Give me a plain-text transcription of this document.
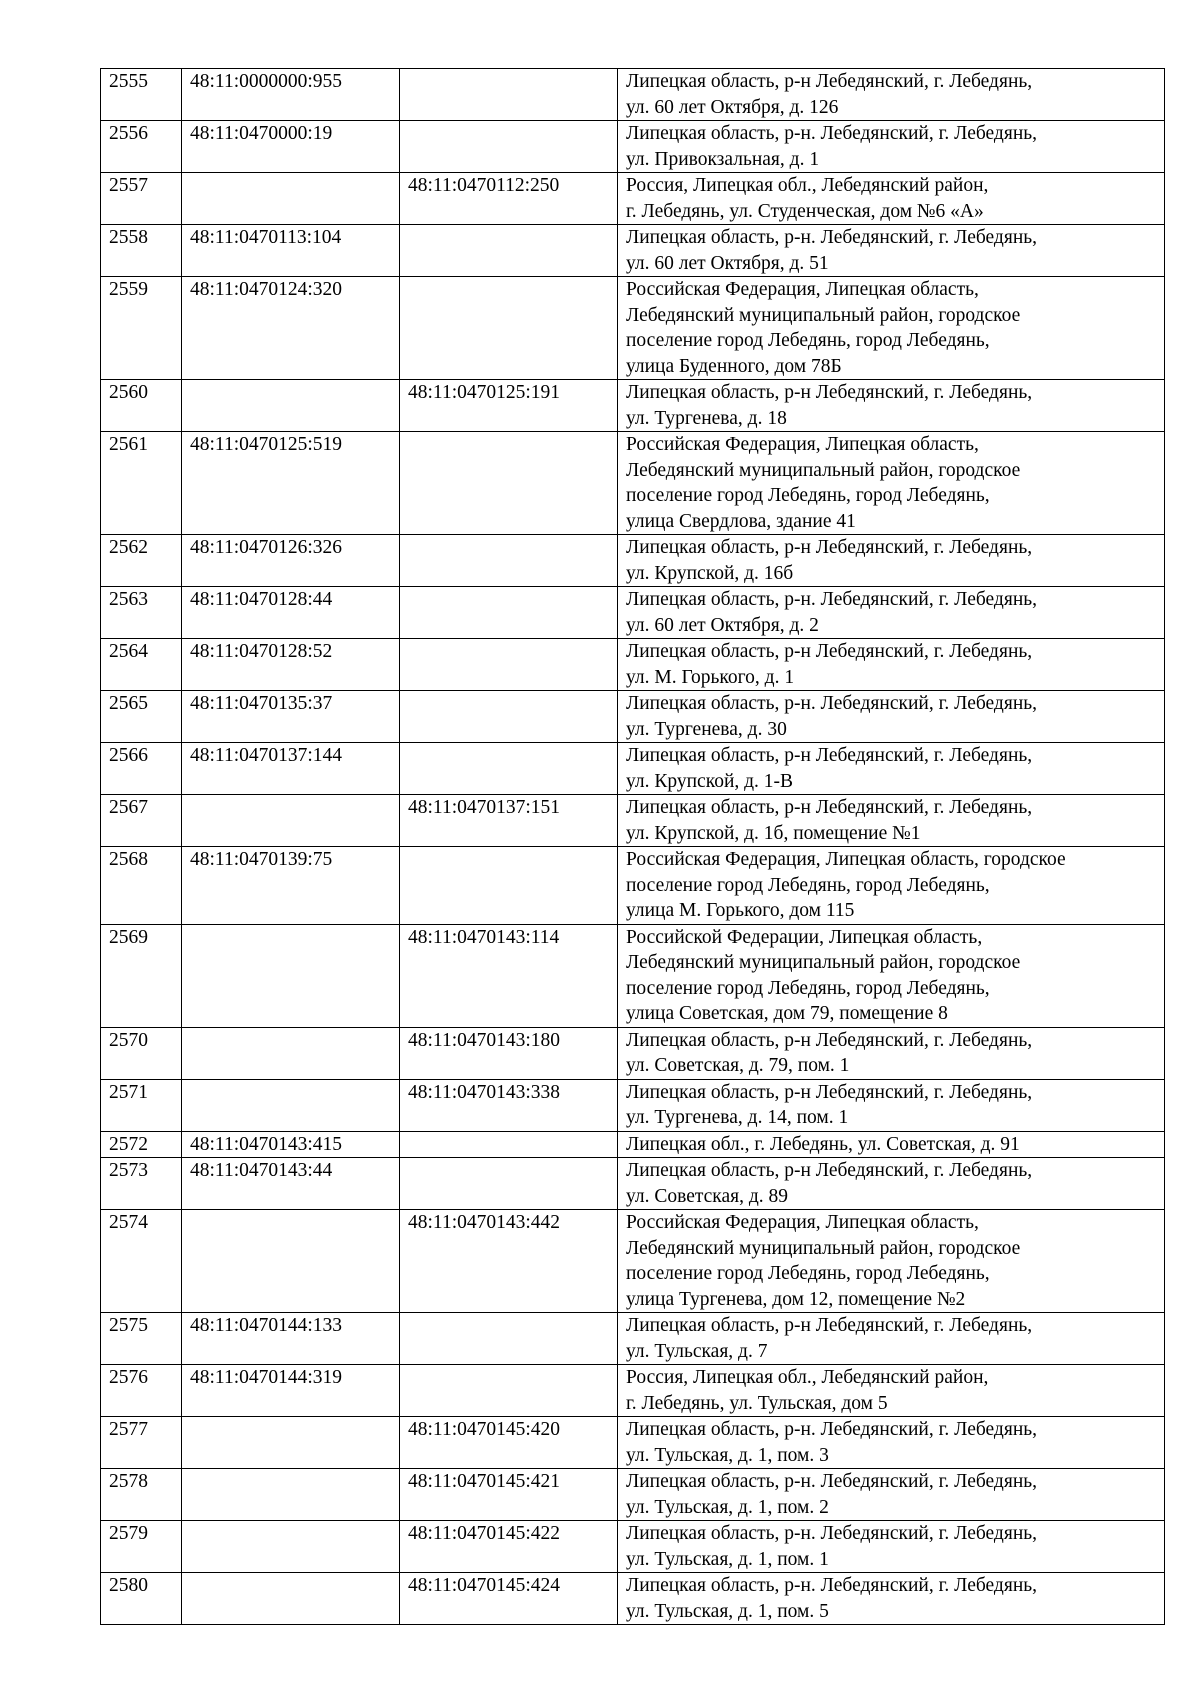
2555	48:11:0000000:955		Липецкая область, р-н Лебедянский, г. Лебедянь,
ул. 60 лет Октября, д. 126
2556	48:11:0470000:19		Липецкая область, р-н. Лебедянский, г. Лебедянь,
ул. Привокзальная, д. 1
2557		48:11:0470112:250	Россия, Липецкая обл., Лебедянский район,
г. Лебедянь, ул. Студенческая, дом №6 «А»
2558	48:11:0470113:104		Липецкая область, р-н. Лебедянский, г. Лебедянь,
ул. 60 лет Октября, д. 51
2559	48:11:0470124:320		Российская Федерация, Липецкая область,
Лебедянский муниципальный район, городское
поселение город Лебедянь, город Лебедянь,
улица Буденного, дом 78Б
2560		48:11:0470125:191	Липецкая область, р-н Лебедянский, г. Лебедянь,
ул. Тургенева, д. 18
2561	48:11:0470125:519		Российская Федерация, Липецкая область,
Лебедянский муниципальный район, городское
поселение город Лебедянь, город Лебедянь,
улица Свердлова, здание 41
2562	48:11:0470126:326		Липецкая область, р-н Лебедянский, г. Лебедянь,
ул. Крупской, д. 16б
2563	48:11:0470128:44		Липецкая область, р-н. Лебедянский, г. Лебедянь,
ул. 60 лет Октября, д. 2
2564	48:11:0470128:52		Липецкая область, р-н Лебедянский, г. Лебедянь,
ул. М. Горького, д. 1
2565	48:11:0470135:37		Липецкая область, р-н. Лебедянский, г. Лебедянь,
ул. Тургенева, д. 30
2566	48:11:0470137:144		Липецкая область, р-н Лебедянский, г. Лебедянь,
ул. Крупской, д. 1-В
2567		48:11:0470137:151	Липецкая область, р-н Лебедянский, г. Лебедянь,
ул. Крупской, д. 1б, помещение №1
2568	48:11:0470139:75		Российская Федерация, Липецкая область, городское
поселение город Лебедянь, город Лебедянь,
улица М. Горького, дом 115
2569		48:11:0470143:114	Российской Федерации, Липецкая область,
Лебедянский муниципальный район, городское
поселение город Лебедянь, город Лебедянь,
улица Советская, дом 79, помещение 8
2570		48:11:0470143:180	Липецкая область, р-н Лебедянский, г. Лебедянь,
ул. Советская, д. 79, пом. 1
2571		48:11:0470143:338	Липецкая область, р-н Лебедянский, г. Лебедянь,
ул. Тургенева, д. 14, пом. 1
2572	48:11:0470143:415		Липецкая обл., г. Лебедянь, ул. Советская, д. 91
2573	48:11:0470143:44		Липецкая область, р-н Лебедянский, г. Лебедянь,
ул. Советская, д. 89
2574		48:11:0470143:442	Российская Федерация, Липецкая область,
Лебедянский муниципальный район, городское
поселение город Лебедянь, город Лебедянь,
улица Тургенева, дом 12, помещение №2
2575	48:11:0470144:133		Липецкая область, р-н Лебедянский, г. Лебедянь,
ул. Тульская, д. 7
2576	48:11:0470144:319		Россия, Липецкая обл., Лебедянский район,
г. Лебедянь, ул. Тульская, дом 5
2577		48:11:0470145:420	Липецкая область, р-н. Лебедянский, г. Лебедянь,
ул. Тульская, д. 1, пом. 3
2578		48:11:0470145:421	Липецкая область, р-н. Лебедянский, г. Лебедянь,
ул. Тульская, д. 1, пом. 2
2579		48:11:0470145:422	Липецкая область, р-н. Лебедянский, г. Лебедянь,
ул. Тульская, д. 1, пом. 1
2580		48:11:0470145:424	Липецкая область, р-н. Лебедянский, г. Лебедянь,
ул. Тульская, д. 1, пом. 5
